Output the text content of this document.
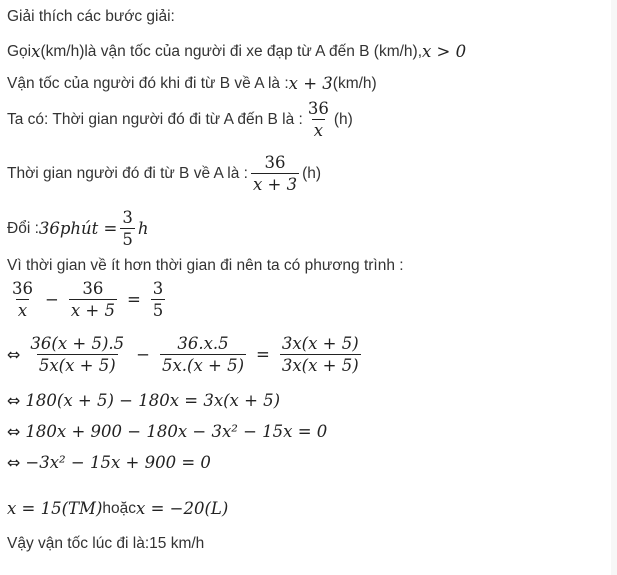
Giải thích các bước giải:
Gọi x (km/h)là vận tốc của người đi xe đạp từ A đến B (km/h), x > 0
Vận tốc của người đó khi đi từ B về A là : x + 3 (km/h)
Ta có: Thời gian người đó đi từ A đến B là : $\frac{36}{x} (h)$
Thời gian người đó đi từ B về A là : $\frac{36}{x + 3} (h)$
Đổi : 36phút = $\frac{3}{5}$ h
Vì thời gian về ít hơn thời gian đi nên ta có phương trình :
$\frac{36}{x} - \frac{36}{x + 5} = \frac{3}{5}$
⇔ $\frac{36(x + 5).5}{5x(x + 5)} - \frac{36.x.5}{5x.(x + 5)} = \frac{3x(x + 5)}{3x(x + 5)}$
⇔ 180(x + 5) − 180x = 3x(x + 5)
⇔ 180x + 900 − 180x − 3x² − 15x = 0
⇔ −3x² − 15x + 900 = 0
x = 15(TM) hoặc x = −20(L)
Vậy vận tốc lúc đi là: 15 km/h
